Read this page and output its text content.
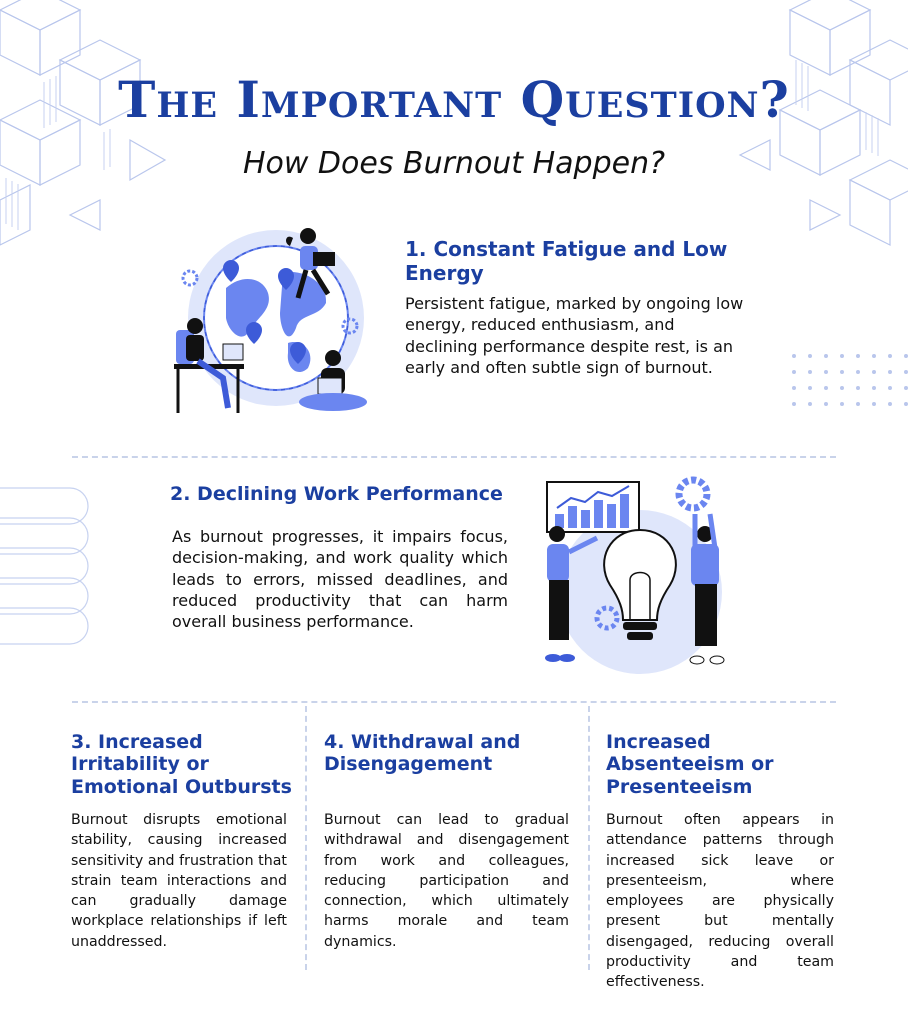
The Important Question?
How Does Burnout Happen?
1. Constant Fatigue and Low Energy
Persistent fatigue, marked by ongoing low energy, reduced enthusiasm, and declining performance despite rest, is an early and often subtle sign of burnout.
2. Declining Work Performance
As burnout progresses, it impairs focus, decision-making, and work quality which leads to errors, missed deadlines, and reduced productivity that can harm overall business performance.
3. Increased Irritability or Emotional Outbursts
Burnout disrupts emotional stability, causing increased sensitivity and frustration that strain team interactions and can gradually damage workplace relationships if left unaddressed.
4. Withdrawal and Disengagement
Burnout can lead to gradual withdrawal and disengagement from work and colleagues, reducing participation and connection, which ultimately harms morale and team dynamics.
Increased Absenteeism or Presenteeism
Burnout often appears in attendance patterns through increased sick leave or presenteeism, where employees are physically present but mentally disengaged, reducing overall productivity and team effectiveness.
